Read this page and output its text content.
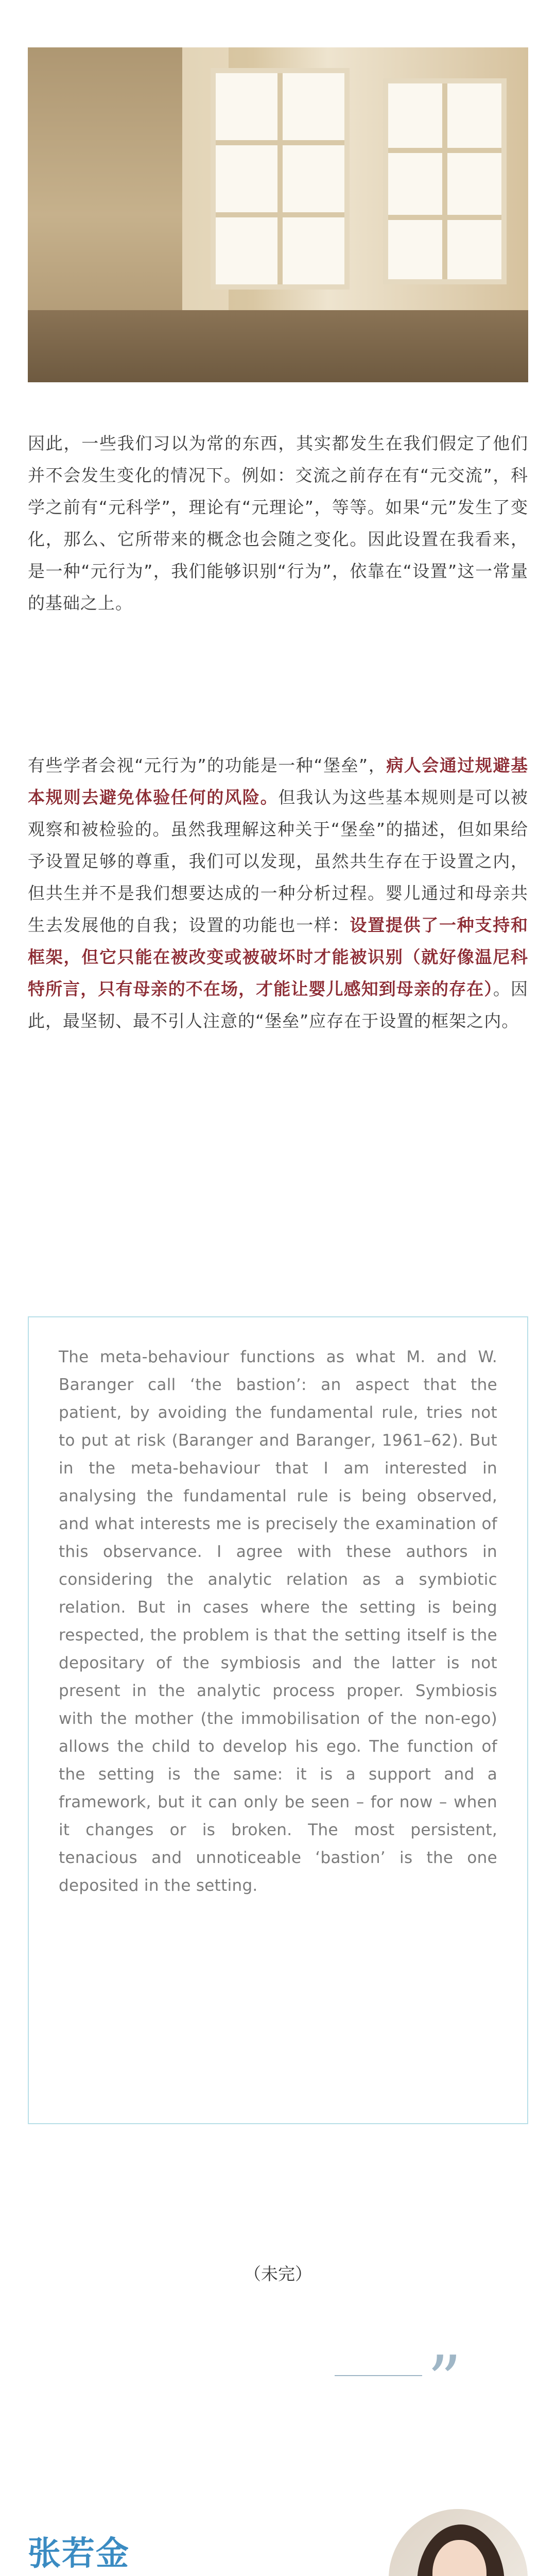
因此，一些我们习以为常的东西，其实都发生在我们假定了他们并不会发生变化的情况下。例如：交流之前存在有“元交流”，科学之前有“元科学”，理论有“元理论”，等等。如果“元”发生了变化，那么、它所带来的概念也会随之变化。因此设置在我看来，是一种“元行为”，我们能够识别“行为”，依靠在“设置”这一常量的基础之上。

有些学者会视“元行为”的功能是一种“堡垒”，病人会通过规避基本规则去避免体验任何的风险。但我认为这些基本规则是可以被观察和被检验的。虽然我理解这种关于“堡垒”的描述，但如果给予设置足够的尊重，我们可以发现，虽然共生存在于设置之内，但共生并不是我们想要达成的一种分析过程。婴儿通过和母亲共生去发展他的自我；设置的功能也一样：设置提供了一种支持和框架，但它只能在被改变或被破坏时才能被识别（就好像温尼科特所言，只有母亲的不在场，才能让婴儿感知到母亲的存在）。因此，最坚韧、最不引人注意的“堡垒”应存在于设置的框架之内。

The meta-behaviour functions as what M. and W. Baranger call ‘the bastion’: an aspect that the patient, by avoiding the fundamental rule, tries not to put at risk (Baranger and Baranger, 1961–62). But in the meta-behaviour that I am interested in analysing the fundamental rule is being observed, and what interests me is precisely the examination of this observance. I agree with these authors in considering the analytic relation as a symbiotic relation. But in cases where the setting is being respected, the problem is that the setting itself is the depositary of the symbiosis and the latter is not present in the analytic process proper. Symbiosis with the mother (the immobilisation of the non-ego) allows the child to develop his ego. The function of the setting is the same: it is a support and a framework, but it can only be seen – for now – when it changes or is broken. The most persistent, tenacious and unnoticeable ‘bastion’ is the one deposited in the setting.

（未完）
”
张若金
